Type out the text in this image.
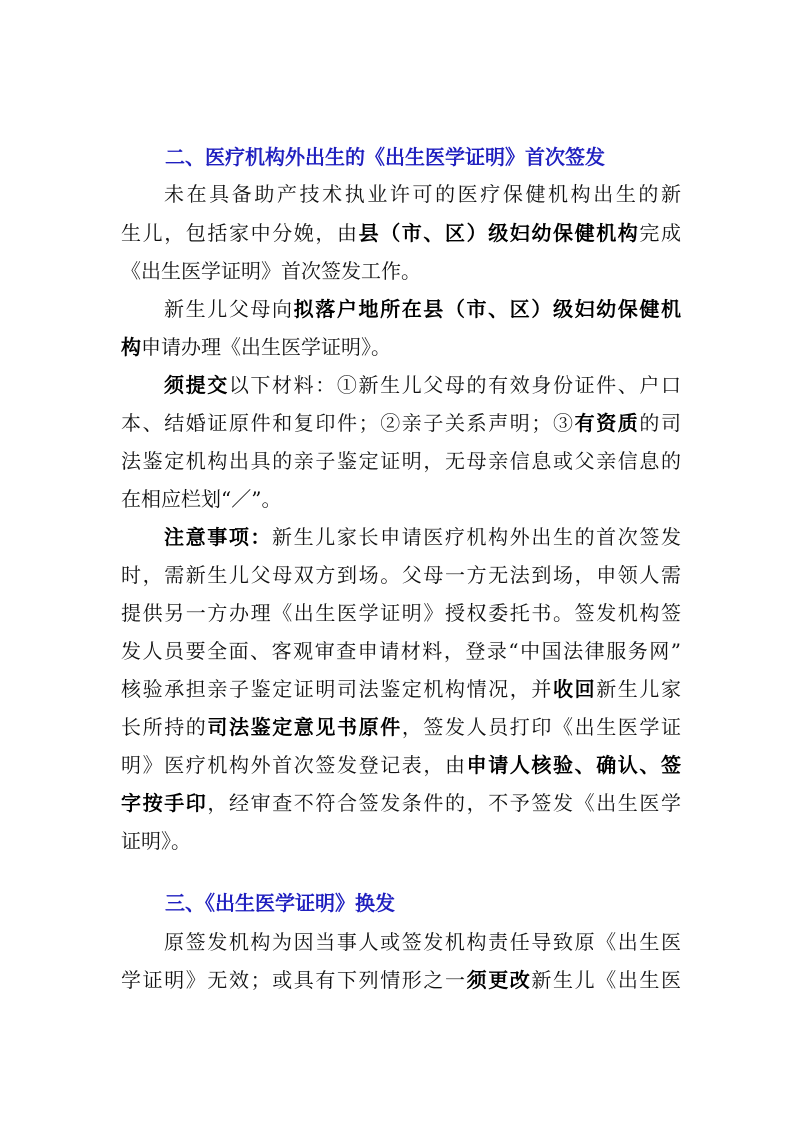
二、医疗机构外出生的《出生医学证明》首次签发
未在具备助产技术执业许可的医疗保健机构出生的新
生儿，包括家中分娩，由县（市、区）级妇幼保健机构完成
《出生医学证明》首次签发工作。
新生儿父母向拟落户地所在县（市、区）级妇幼保健机
构申请办理《出生医学证明》。
须提交以下材料：①新生儿父母的有效身份证件、户口
本、结婚证原件和复印件；②亲子关系声明；③有资质的司
法鉴定机构出具的亲子鉴定证明，无母亲信息或父亲信息的
在相应栏划“／”。
注意事项：新生儿家长申请医疗机构外出生的首次签发
时，需新生儿父母双方到场。父母一方无法到场，申领人需
提供另一方办理《出生医学证明》授权委托书。签发机构签
发人员要全面、客观审查申请材料，登录“中国法律服务网”
核验承担亲子鉴定证明司法鉴定机构情况，并收回新生儿家
长所持的司法鉴定意见书原件，签发人员打印《出生医学证
明》医疗机构外首次签发登记表，由申请人核验、确认、签
字按手印，经审查不符合签发条件的，不予签发《出生医学
证明》。
三、《出生医学证明》换发
原签发机构为因当事人或签发机构责任导致原《出生医
学证明》无效；或具有下列情形之一须更改新生儿《出生医
